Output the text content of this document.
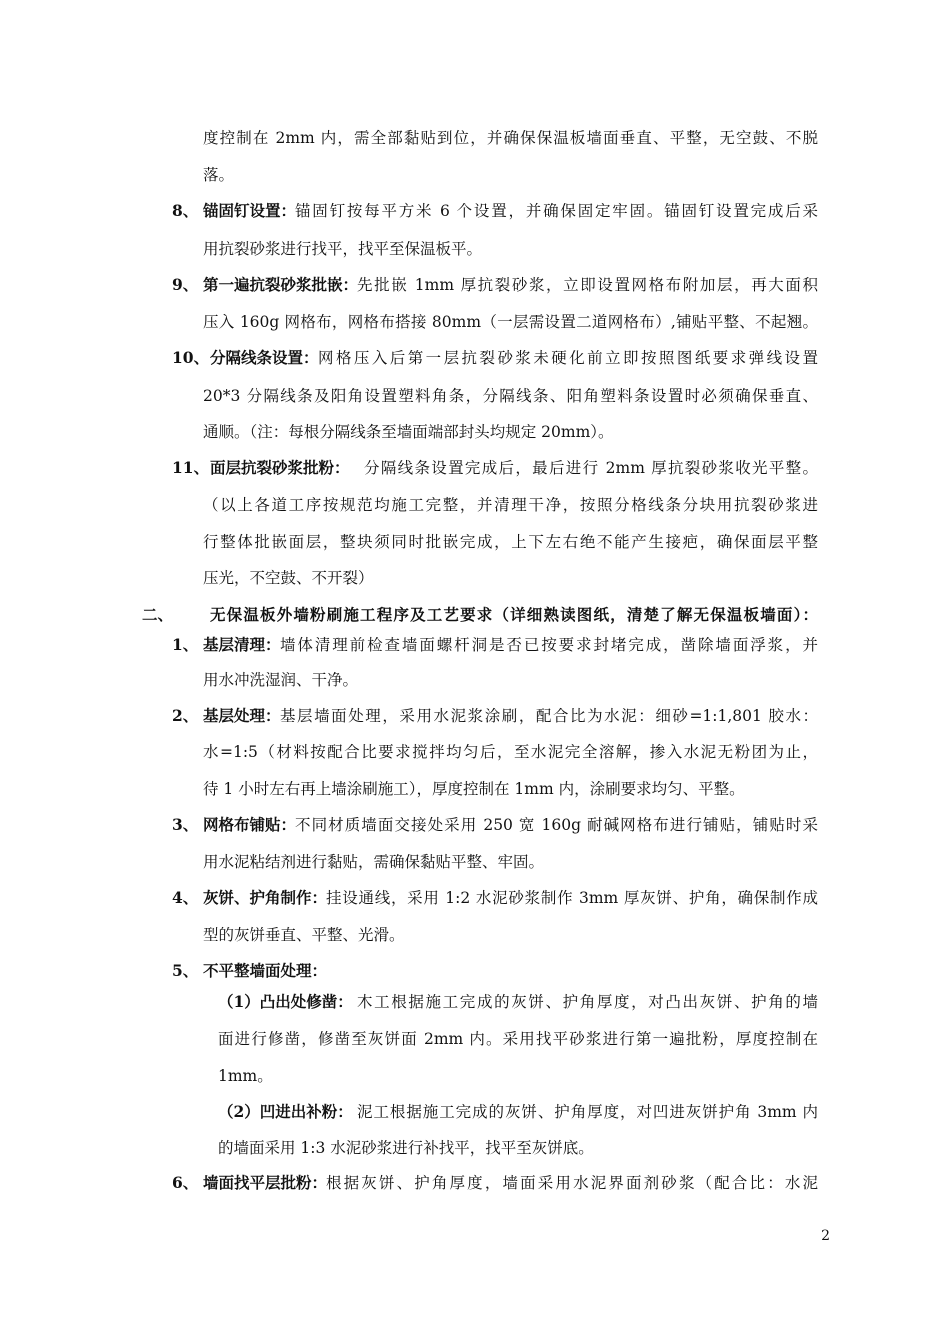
度控制在 2mm 内，需全部黏贴到位，并确保保温板墙面垂直、平整，无空鼓、不脱
落。
8、 锚固钉设置：
锚固钉按每平方米 6 个设置，并确保固定牢固。锚固钉设置完成后采
用抗裂砂浆进行找平，找平至保温板平。
9、 第一遍抗裂砂浆批嵌：
先批嵌 1mm 厚抗裂砂浆，立即设置网格布附加层，再大面积
压入 160g 网格布，网格布搭接 80mm（一层需设置二道网格布）,铺贴平整、不起翘。
10、 分隔线条设置： 网格压入后第一层抗裂砂浆未硬化前立即按照图纸要求弹线设置
20*3 分隔线条及阳角设置塑料角条，分隔线条、阳角塑料条设置时必须确保垂直、
通顺。（注：每根分隔线条至墙面端部封头均规定 20mm）。
11、 面层抗裂砂浆批粉： 分隔线条设置完成后，最后进行 2mm 厚抗裂砂浆收光平整。
（以上各道工序按规范均施工完整，并清理干净，按照分格线条分块用抗裂砂浆进
行整体批嵌面层，整块须同时批嵌完成，上下左右绝不能产生接疤，确保面层平整
压光，不空鼓、不开裂）
二、 无保温板外墙粉刷施工程序及工艺要求（详细熟读图纸，清楚了解无保温板墙面）：
1、 基层清理： 墙体清理前检查墙面螺杆洞是否已按要求封堵完成，凿除墙面浮浆，并
用水冲洗湿润、干净。
2、 基层处理： 基层墙面处理，采用水泥浆涂刷，配合比为水泥：细砂=1:1,801 胶水：
水=1:5（材料按配合比要求搅拌均匀后，至水泥完全溶解，掺入水泥无粉团为止，
待 1 小时左右再上墙涂刷施工），厚度控制在 1mm 内，涂刷要求均匀、平整。
3、 网格布铺贴：
不同材质墙面交接处采用 250 宽 160g 耐碱网格布进行铺贴，铺贴时采
用水泥粘结剂进行黏贴，需确保黏贴平整、牢固。
4、 灰饼、护角制作：
挂设通线，采用 1:2 水泥砂浆制作 3mm 厚灰饼、护角，确保制作成
型的灰饼垂直、平整、光滑。
5、 不平整墙面处理：
（1）凸出处修凿： 木工根据施工完成的灰饼、护角厚度，对凸出灰饼、护角的墙
面进行修凿，修凿至灰饼面 2mm 内。采用找平砂浆进行第一遍批粉，厚度控制在
1mm。
（2）凹进出补粉： 泥工根据施工完成的灰饼、护角厚度，对凹进灰饼护角 3mm 内
的墙面采用 1:3 水泥砂浆进行补找平，找平至灰饼底。
6、 墙面找平层批粉：
根据灰饼、护角厚度，墙面采用水泥界面剂砂浆（配合比：水泥
2
